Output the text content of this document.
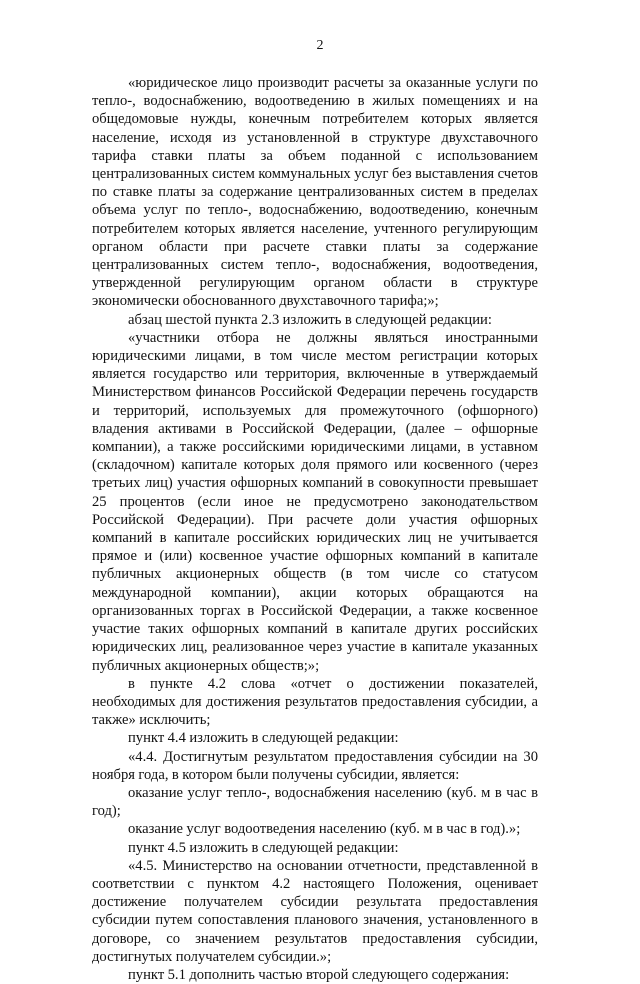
2

«юридическое лицо производит расчеты за оказанные услуги по тепло-, водоснабжению, водоотведению в жилых помещениях и на общедомовые нужды, конечным потребителем которых является население, исходя из установленной в структуре двухставочного тарифа ставки платы за объем поданной с использованием централизованных систем коммунальных услуг без выставления счетов по ставке платы за содержание централизованных систем в пределах объема услуг по тепло-, водоснабжению, водоотведению, конечным потребителем которых является население, учтенного регулирующим органом области при расчете ставки платы за содержание централизованных систем тепло-, водоснабжения, водоотведения, утвержденной регулирующим органом области в структуре экономически обоснованного двухставочного тарифа;»;

абзац шестой пункта 2.3 изложить в следующей редакции:

«участники отбора не должны являться иностранными юридическими лицами, в том числе местом регистрации которых является государство или территория, включенные в утверждаемый Министерством финансов Российской Федерации перечень государств и территорий, используемых для промежуточного (офшорного) владения активами в Российской Федерации, (далее – офшорные компании), а также российскими юридическими лицами, в уставном (складочном) капитале которых доля прямого или косвенного (через третьих лиц) участия офшорных компаний в совокупности превышает 25 процентов (если иное не предусмотрено законодательством Российской Федерации). При расчете доли участия офшорных компаний в капитале российских юридических лиц не учитывается прямое и (или) косвенное участие офшорных компаний в капитале публичных акционерных обществ (в том числе со статусом международной компании), акции которых обращаются на организованных торгах в Российской Федерации, а также косвенное участие таких офшорных компаний в капитале других российских юридических лиц, реализованное через участие в капитале указанных публичных акционерных обществ;»;

в пункте 4.2 слова «отчет о достижении показателей, необходимых для достижения результатов предоставления субсидии, а также» исключить;

пункт 4.4 изложить в следующей редакции:

«4.4. Достигнутым результатом предоставления субсидии на 30 ноября года, в котором были получены субсидии, является:

оказание услуг тепло-, водоснабжения населению (куб. м в час в год);

оказание услуг водоотведения населению (куб. м в час в год).»;

пункт 4.5 изложить в следующей редакции:

«4.5. Министерство на основании отчетности, представленной в соответствии с пунктом 4.2 настоящего Положения, оценивает достижение получателем субсидии результата предоставления субсидии путем сопоставления планового значения, установленного в договоре, со значением результатов предоставления субсидии, достигнутых получателем субсидии.»;

пункт 5.1 дополнить частью второй следующего содержания:
